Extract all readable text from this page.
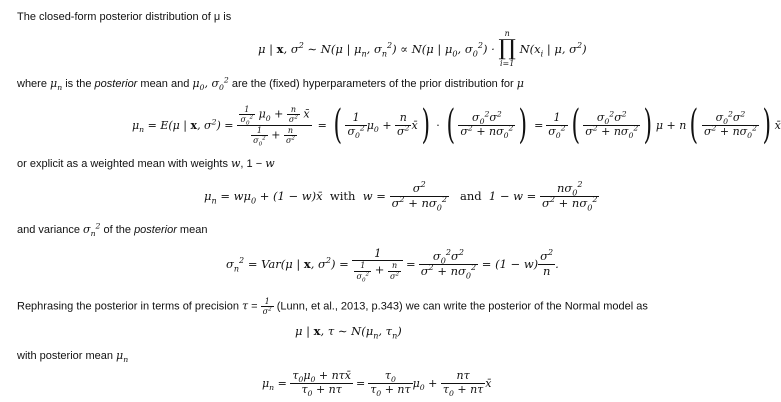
The closed-form posterior distribution of μ is
μ | x, $\sigma^2$ ∼ N(μ | $\mu_n$, $\sigma_n^2) \propto N(\mu$ | $\mu_0$, $\sigma_0^2$) ·
n
∏
i=1
$N(x_i$ | μ, $\sigma^2$)
where $\mu_n$ is the posterior mean and $\mu_0$, $\sigma_0^2$ are the (fixed) hyperparameters of the prior distribution for μ
$\mu_n = E(\mu$ | x, $\sigma^2) = \frac{\frac{1}{\sigma_0^2} \mu_0 + \frac{n}{\sigma^2} x̄}{\frac{1}{\sigma_0^2} + \frac{n}{\sigma^2}}$ = ( $\frac{1}{\sigma_0^2} \mu_0 + \frac{n}{\sigma^2}$ x̄ ) · ( $\frac{\sigma_0^2\sigma^2}{\sigma^2 + n\sigma_0^2}$ ) = $\frac{1}{\sigma_0^2}$ ( $\frac{\sigma_0^2\sigma^2}{\sigma^2 + n\sigma_0^2}$ ) μ + n ( $\frac{\sigma_0^2\sigma^2}{\sigma^2 + n\sigma_0^2}$ ) x̄
or explicit as a weighted mean with weights w, 1 − w
$\mu_n = w\mu_0 + (1$ − w)x̄ with $w = \frac{\sigma^2}{\sigma^2 + n\sigma_0^2}$
and $1 - w = \frac{n\sigma_0^2}{\sigma^2 + n\sigma_0^2}$
and variance $\sigma_n^2$ of the posterior mean
$\sigma_n^2 = Var(\mu$ | x, $\sigma^2) = \frac{1}{\frac{1}{\sigma_0^2} + \frac{n}{\sigma^2}} = \frac{\sigma_0^2\sigma^2}{\sigma^2 + n\sigma_0^2} = (1 - w) \frac{\sigma^2}{n}$ .
Rephrasing the posterior in terms of precision $\tau = \frac{1}{\sigma^2}$ (Lunn, et al., 2013, p.343) we can write the posterior of the Normal model as
μ | x, τ ∼ $N(\mu_n$, $\tau_n$)
with posterior mean $\mu_n$
$\mu_n = \frac{\tau_0\mu_0 + n\tau x̄}{\tau_0 + n\tau} = \frac{\tau_0}{\tau_0 + n\tau} \mu_0 + \frac{n\tau}{\tau_0 + n\tau}$ x̄
